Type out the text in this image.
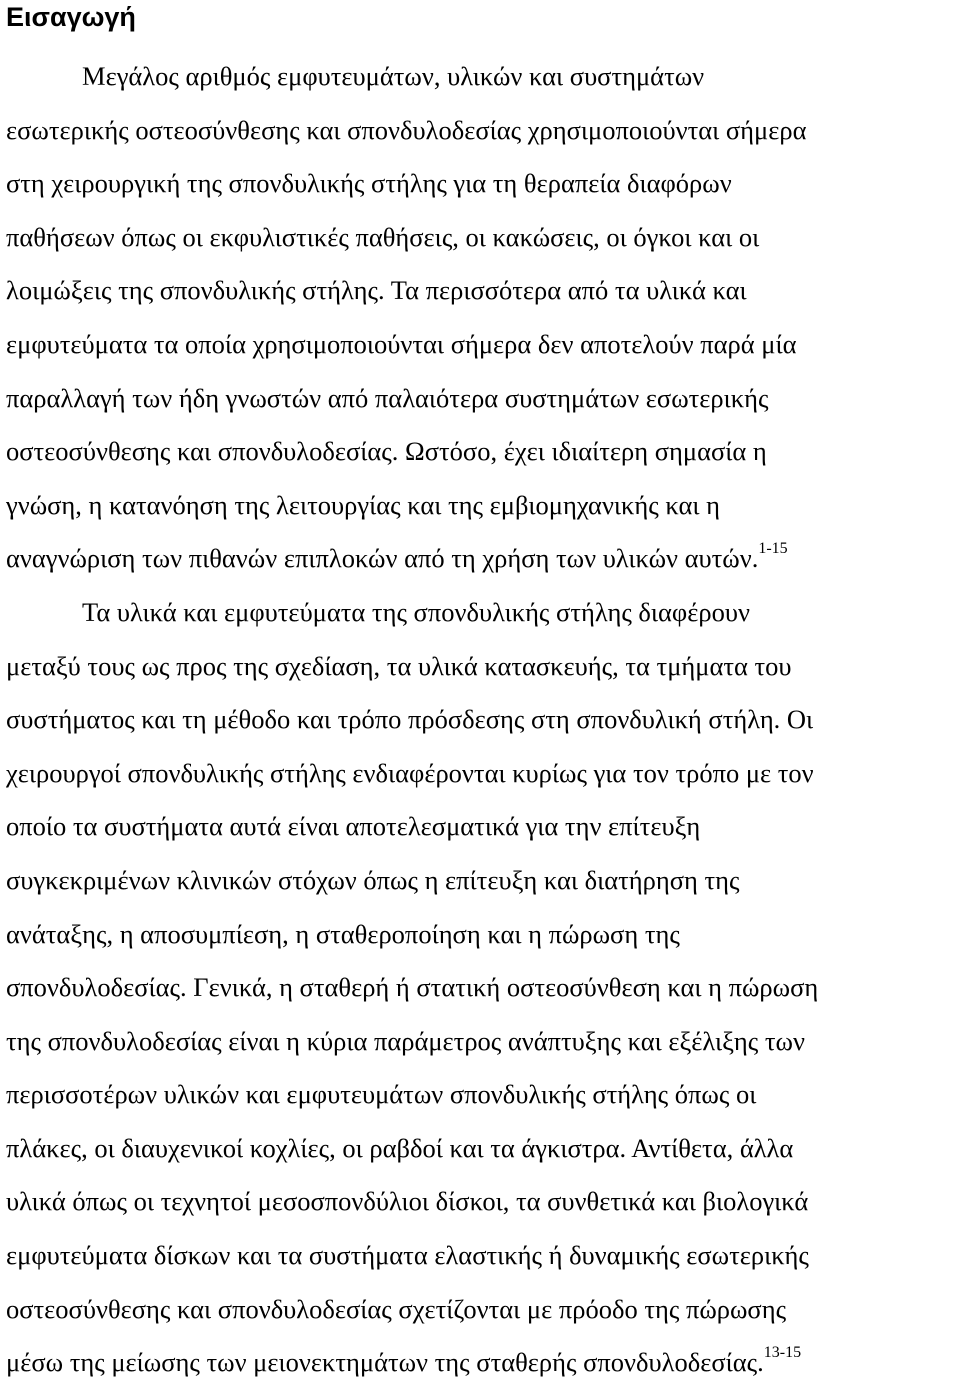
Εισαγωγή
Μεγάλος αριθμός εμφυτευμάτων, υλικών και συστημάτων
εσωτερικής οστεοσύνθεσης και σπονδυλοδεσίας χρησιμοποιούνται σήμερα
στη χειρουργική της σπονδυλικής στήλης για τη θεραπεία διαφόρων
παθήσεων όπως οι εκφυλιστικές παθήσεις, οι κακώσεις, οι όγκοι και οι
λοιμώξεις της σπονδυλικής στήλης. Τα περισσότερα από τα υλικά και
εμφυτεύματα τα οποία χρησιμοποιούνται σήμερα δεν αποτελούν παρά μία
παραλλαγή των ήδη γνωστών από παλαιότερα συστημάτων εσωτερικής
οστεοσύνθεσης και σπονδυλοδεσίας. Ωστόσο, έχει ιδιαίτερη σημασία η
γνώση, η κατανόηση της λειτουργίας και της εμβιομηχανικής και η
αναγνώριση των πιθανών επιπλοκών από τη χρήση των υλικών αυτών.$^{1-15}$
Τα υλικά και εμφυτεύματα της σπονδυλικής στήλης διαφέρουν
μεταξύ τους ως προς της σχεδίαση, τα υλικά κατασκευής, τα τμήματα του
συστήματος και τη μέθοδο και τρόπο πρόσδεσης στη σπονδυλική στήλη. Οι
χειρουργοί σπονδυλικής στήλης ενδιαφέρονται κυρίως για τον τρόπο με τον
οποίο τα συστήματα αυτά είναι αποτελεσματικά για την επίτευξη
συγκεκριμένων κλινικών στόχων όπως η επίτευξη και διατήρηση της
ανάταξης, η αποσυμπίεση, η σταθεροποίηση και η πώρωση της
σπονδυλοδεσίας. Γενικά, η σταθερή ή στατική οστεοσύνθεση και η πώρωση
της σπονδυλοδεσίας είναι η κύρια παράμετρος ανάπτυξης και εξέλιξης των
περισσοτέρων υλικών και εμφυτευμάτων σπονδυλικής στήλης όπως οι
πλάκες, οι διαυχενικοί κοχλίες, οι ραβδοί και τα άγκιστρα. Αντίθετα, άλλα
υλικά όπως οι τεχνητοί μεσοσπονδύλιοι δίσκοι, τα συνθετικά και βιολογικά
εμφυτεύματα δίσκων και τα συστήματα ελαστικής ή δυναμικής εσωτερικής
οστεοσύνθεσης και σπονδυλοδεσίας σχετίζονται με πρόοδο της πώρωσης
μέσω της μείωσης των μειονεκτημάτων της σταθερής σπονδυλοδεσίας.$^{13-15}$
